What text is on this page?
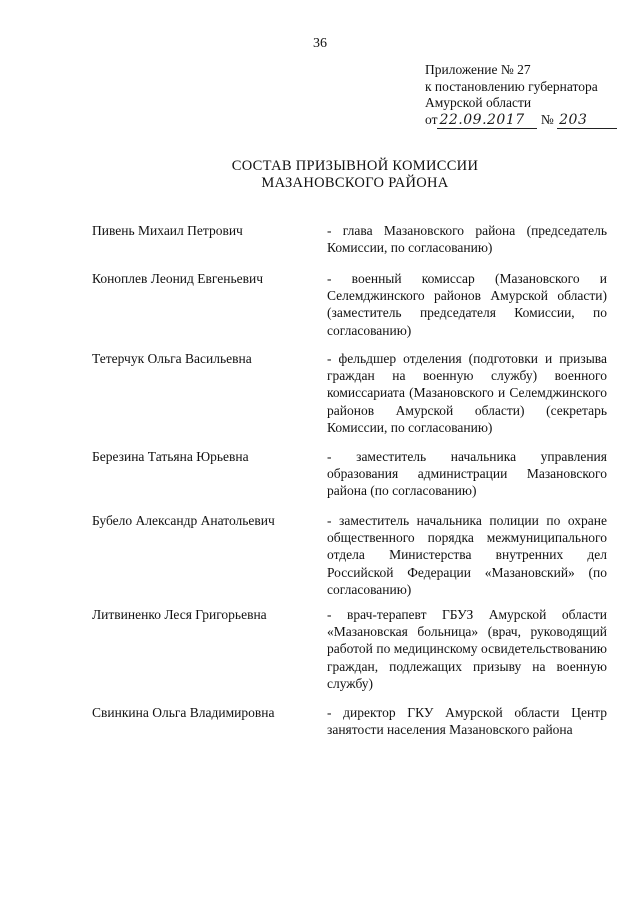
36
Приложение № 27
к постановлению губернатора
Амурской области
от 22.09.2017 № 203
СОСТАВ ПРИЗЫВНОЙ КОМИССИИ
МАЗАНОВСКОГО РАЙОНА
Пивень Михаил Петрович	- глава Мазановского района (председатель Комиссии, по согласованию)
Коноплев Леонид Евгеньевич	- военный комиссар (Мазановского и Селемджинского районов Амурской области) (заместитель председателя Комиссии, по согласованию)
Тетерчук Ольга Васильевна	- фельдшер отделения (подготовки и призыва граждан на военную службу) военного комиссариата (Мазановского и Селемджинского районов Амурской области) (секретарь Комиссии, по согласованию)
Березина Татьяна Юрьевна	- заместитель начальника управления образования администрации Мазановского района (по согласованию)
Бубело Александр Анатольевич	- заместитель начальника полиции по охране общественного порядка межмуниципального отдела Министерства внутренних дел Российской Федерации «Мазановский» (по согласованию)
Литвиненко Леся Григорьевна	- врач-терапевт ГБУЗ Амурской области «Мазановская больница» (врач, руководящий работой по медицинскому освидетельствованию граждан, подлежащих призыву на военную службу)
Свинкина Ольга Владимировна	- директор ГКУ Амурской области Центр занятости населения Мазановского района
